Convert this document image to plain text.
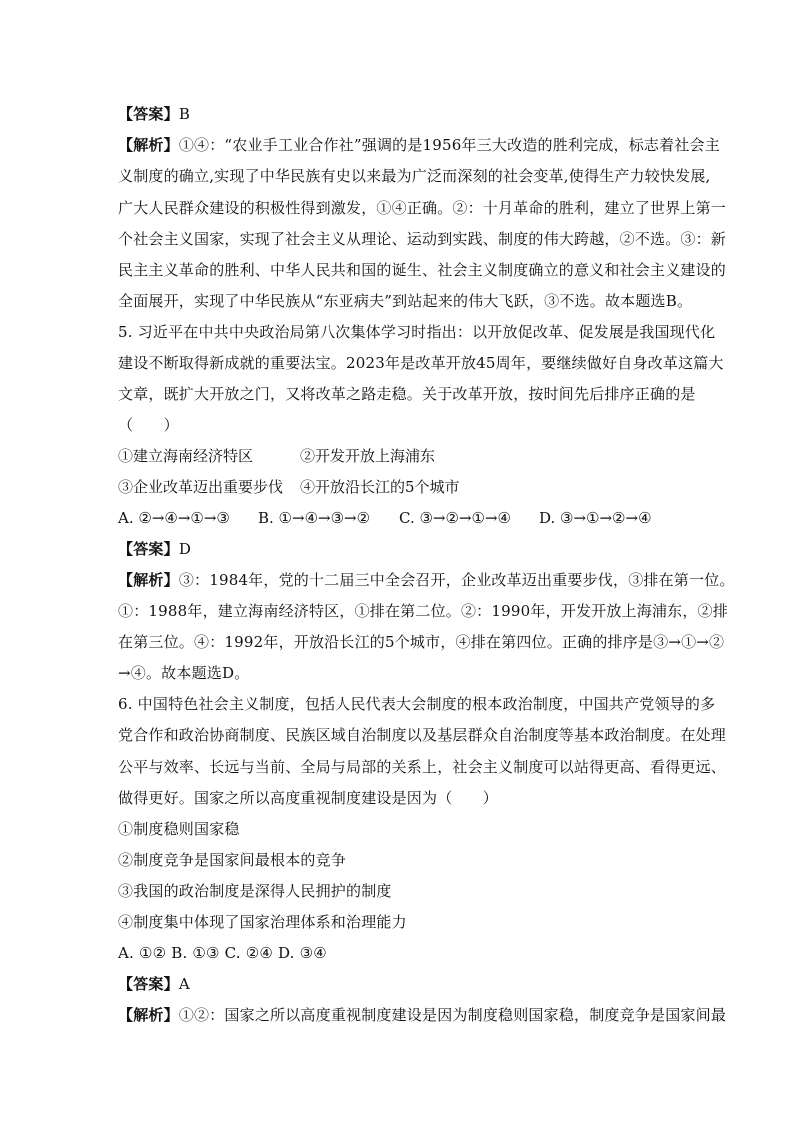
【答案】B
【解析】①④：“农业手工业合作社”强调的是1956年三大改造的胜利完成，标志着社会主
义制度的确立,实现了中华民族有史以来最为广泛而深刻的社会变革,使得生产力较快发展,
广大人民群众建设的积极性得到激发，①④正确。②：十月革命的胜利，建立了世界上第一
个社会主义国家，实现了社会主义从理论、运动到实践、制度的伟大跨越，②不选。③：新
民主主义革命的胜利、中华人民共和国的诞生、社会主义制度确立的意义和社会主义建设的
全面展开，实现了中华民族从“东亚病夫”到站起来的伟大飞跃，③不选。故本题选B。
5. 习近平在中共中央政治局第八次集体学习时指出：以开放促改革、促发展是我国现代化
建设不断取得新成就的重要法宝。2023年是改革开放45周年，要继续做好自身改革这篇大
文章，既扩大开放之门，又将改革之路走稳。关于改革开放，按时间先后排序正确的是
（　　）
①建立海南经济特区	②开发开放上海浦东
③企业改革迈出重要步伐 ④开放沿长江的5个城市
A. ②→④→①→③ B. ①→④→③→② C. ③→②→①→④ D. ③→①→②→④
【答案】D
【解析】③：1984年，党的十二届三中全会召开，企业改革迈出重要步伐，③排在第一位。
①：1988年，建立海南经济特区，①排在第二位。②：1990年，开发开放上海浦东，②排
在第三位。④：1992年，开放沿长江的5个城市，④排在第四位。正确的排序是③→①→②
→④。故本题选D。
6. 中国特色社会主义制度，包括人民代表大会制度的根本政治制度，中国共产党领导的多
党合作和政治协商制度、民族区域自治制度以及基层群众自治制度等基本政治制度。在处理
公平与效率、长远与当前、全局与局部的关系上，社会主义制度可以站得更高、看得更远、
做得更好。国家之所以高度重视制度建设是因为（　　）
①制度稳则国家稳
②制度竞争是国家间最根本的竞争
③我国的政治制度是深得人民拥护的制度
④制度集中体现了国家治理体系和治理能力
A. ①② B. ①③ C. ②④ D. ③④
【答案】A
【解析】①②：国家之所以高度重视制度建设是因为制度稳则国家稳，制度竞争是国家间最
